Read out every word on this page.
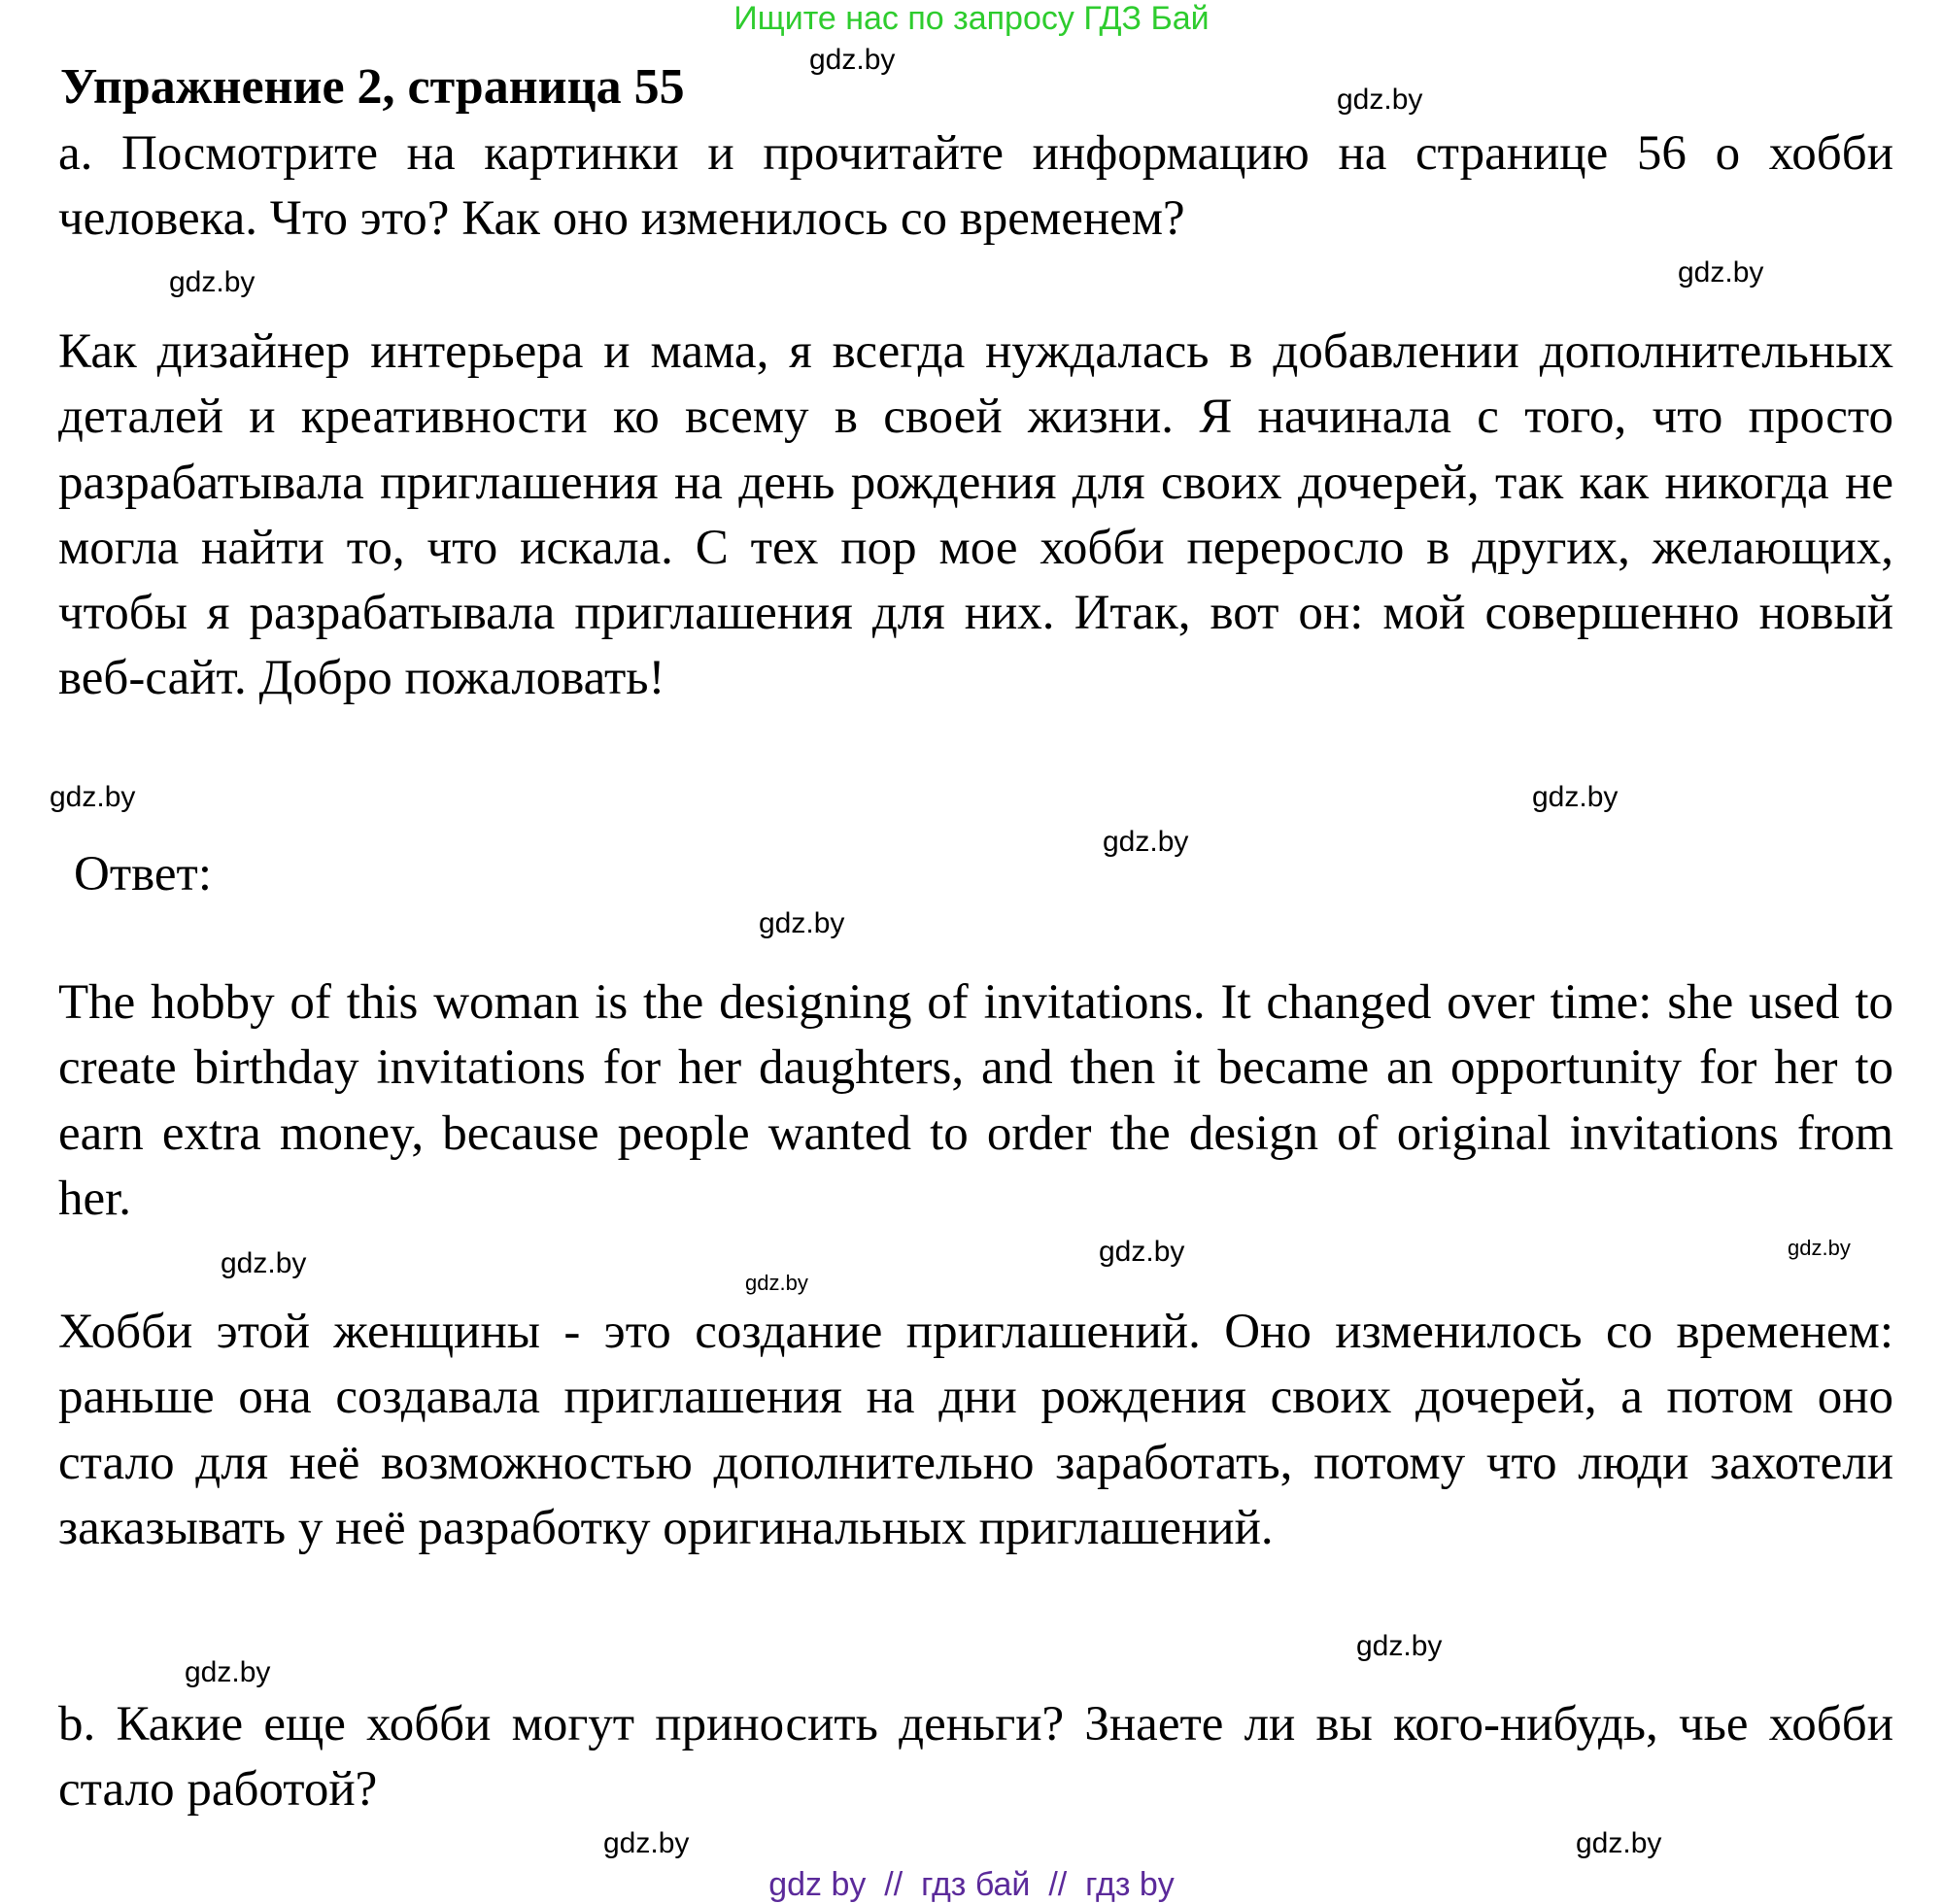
Ищите нас по запросу ГДЗ Бай
Упражнение 2, страница 55
a. Посмотрите на картинки и прочитайте информацию на странице 56 о хобби человека. Что это? Как оно изменилось со временем?
Как дизайнер интерьера и мама, я всегда нуждалась в добавлении дополнительных деталей и креативности ко всему в своей жизни. Я начинала с того, что просто разрабатывала приглашения на день рождения для своих дочерей, так как никогда не могла найти то, что искала. С тех пор мое хобби переросло в других, желающих, чтобы я разрабатывала приглашения для них. Итак, вот он: мой совершенно новый веб-сайт. Добро пожаловать!
Ответ:
The hobby of this woman is the designing of invitations. It changed over time: she used to create birthday invitations for her daughters, and then it became an opportunity for her to earn extra money, because people wanted to order the design of original invitations from her.
Хобби этой женщины - это создание приглашений. Оно изменилось со временем: раньше она создавала приглашения на дни рождения своих дочерей, а потом оно стало для неё возможностью дополнительно заработать, потому что люди захотели заказывать у неё разработку оригинальных приглашений.
b. Какие еще хобби могут приносить деньги? Знаете ли вы кого-нибудь, чье хобби стало работой?
gdz.by
gdz.by
gdz.by
gdz.by
gdz.by
gdz.by
gdz.by
gdz.by
gdz.by
gdz.by
gdz.by
gdz.by
gdz.by
gdz.by
gdz.by
gdz.by
gdz by  //  гдз бай  //  гдз by
